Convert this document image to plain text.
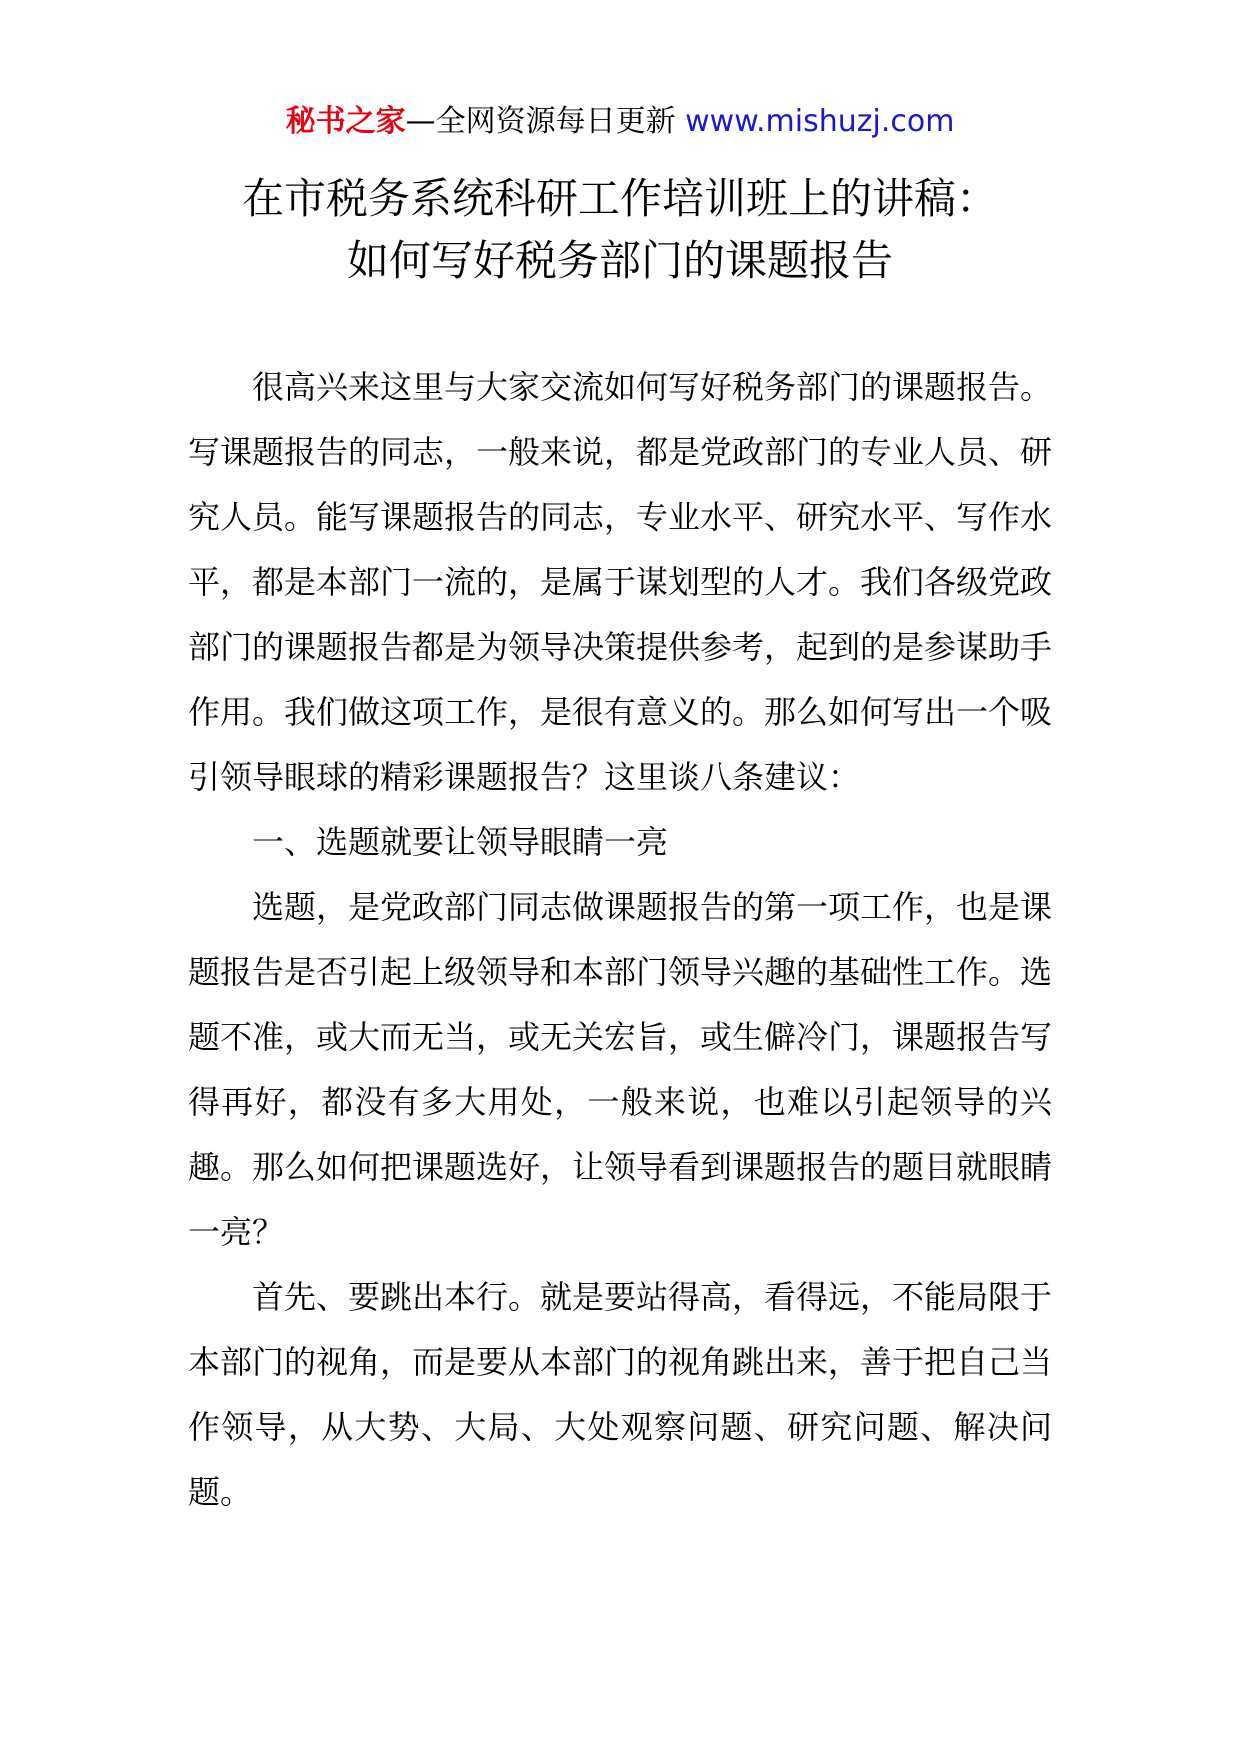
秘书之家—全网资源每日更新 www.mishuzj.com
在市税务系统科研工作培训班上的讲稿：
如何写好税务部门的课题报告

很高兴来这里与大家交流如何写好税务部门的课题报告。写课题报告的同志，一般来说，都是党政部门的专业人员、研究人员。能写课题报告的同志，专业水平、研究水平、写作水平，都是本部门一流的，是属于谋划型的人才。我们各级党政部门的课题报告都是为领导决策提供参考，起到的是参谋助手作用。我们做这项工作，是很有意义的。那么如何写出一个吸引领导眼球的精彩课题报告？这里谈八条建议：

一、选题就要让领导眼睛一亮

选题，是党政部门同志做课题报告的第一项工作，也是课题报告是否引起上级领导和本部门领导兴趣的基础性工作。选题不准，或大而无当，或无关宏旨，或生僻冷门，课题报告写得再好，都没有多大用处，一般来说，也难以引起领导的兴趣。那么如何把课题选好，让领导看到课题报告的题目就眼睛一亮？

首先、要跳出本行。就是要站得高，看得远，不能局限于本部门的视角，而是要从本部门的视角跳出来，善于把自己当作领导，从大势、大局、大处观察问题、研究问题、解决问题。
